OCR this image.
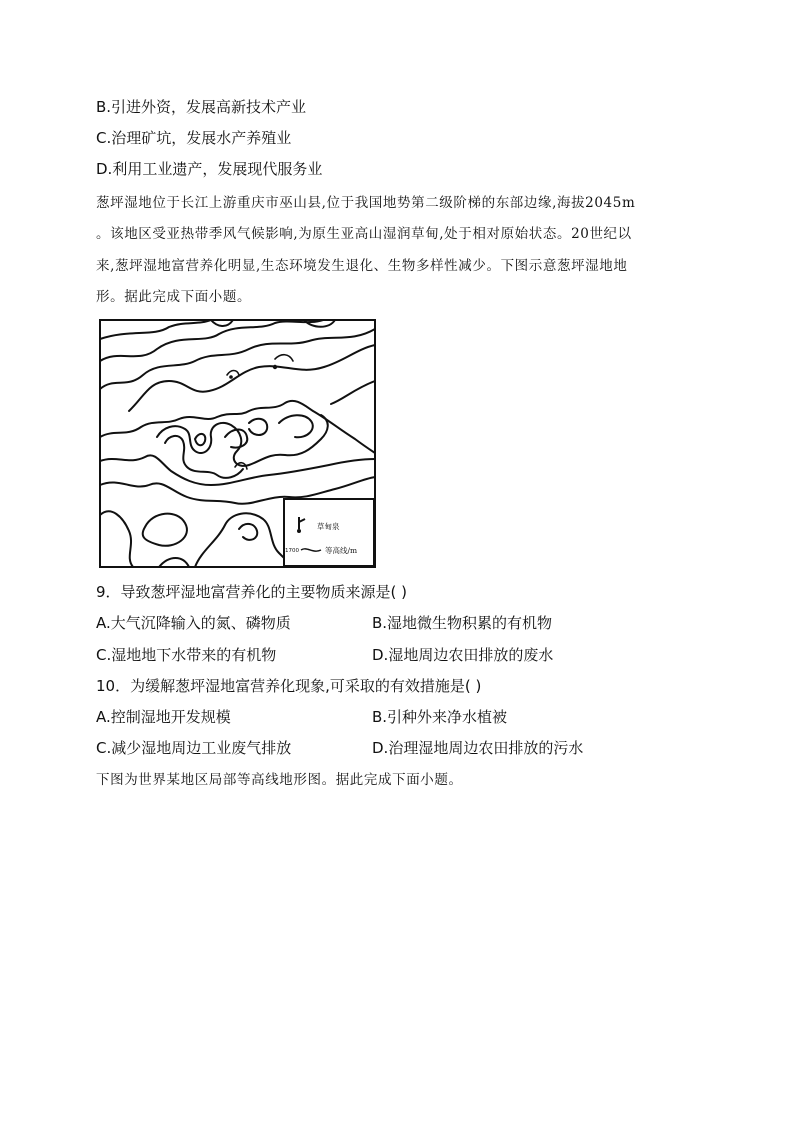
B.引进外资，发展高新技术产业
C.治理矿坑，发展水产养殖业
D.利用工业遗产，发展现代服务业
葱坪湿地位于长江上游重庆市巫山县,位于我国地势第二级阶梯的东部边缘,海拔2045m
。该地区受亚热带季风气候影响,为原生亚高山湿润草甸,处于相对原始状态。20世纪以
来,葱坪湿地富营养化明显,生态环境发生退化、生物多样性减少。下图示意葱坪湿地地
形。据此完成下面小题。
草甸泉
1700	等高线/m
9．导致葱坪湿地富营养化的主要物质来源是( )
A.大气沉降输入的氮、磷物质	B.湿地微生物积累的有机物
C.湿地地下水带来的有机物	D.湿地周边农田排放的废水
10．为缓解葱坪湿地富营养化现象,可采取的有效措施是( )
A.控制湿地开发规模	B.引种外来净水植被
C.减少湿地周边工业废气排放	D.治理湿地周边农田排放的污水
下图为世界某地区局部等高线地形图。据此完成下面小题。
